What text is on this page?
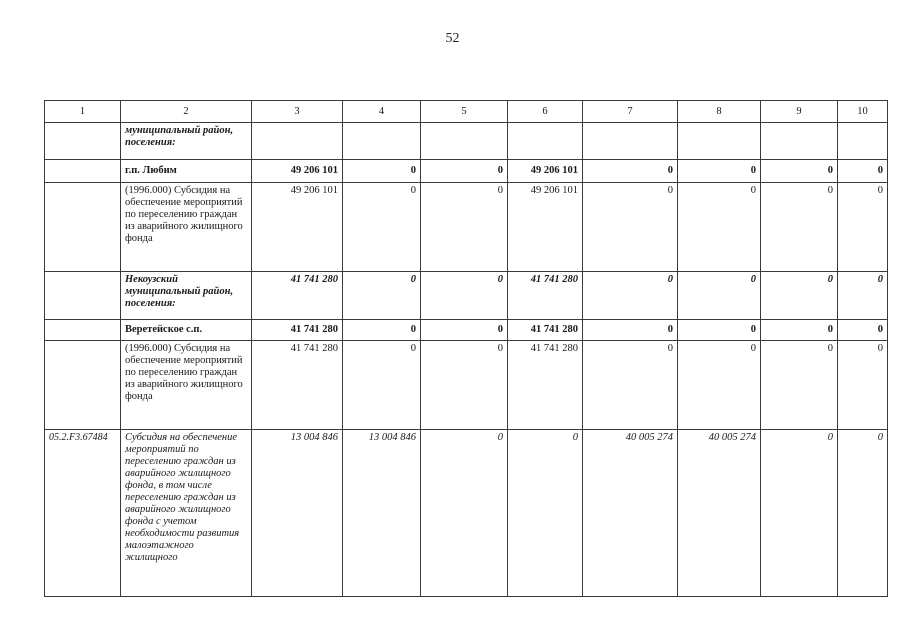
52
1	2	3	4	5	6	7	8	9	10
	муниципальный район, поселения:								
	г.п. Любим	49 206 101	0	0	49 206 101	0	0	0	0
	(1996.000) Субсидия на обеспечение мероприятий по переселению граждан из аварийного жилищного фонда	49 206 101	0	0	49 206 101	0	0	0	0
	Некоузский муниципальный район, поселения:	41 741 280	0	0	41 741 280	0	0	0	0
	Веретейское с.п.	41 741 280	0	0	41 741 280	0	0	0	0
	(1996.000) Субсидия на обеспечение мероприятий по переселению граждан из аварийного жилищного фонда	41 741 280	0	0	41 741 280	0	0	0	0
05.2.F3.67484	Субсидия на обеспечение мероприятий по переселению граждан из аварийного жилищного фонда, в том числе переселению граждан из аварийного жилищного фонда с учетом необходимости развития малоэтажного жилищного	13 004 846	13 004 846	0	0	40 005 274	40 005 274	0	0
